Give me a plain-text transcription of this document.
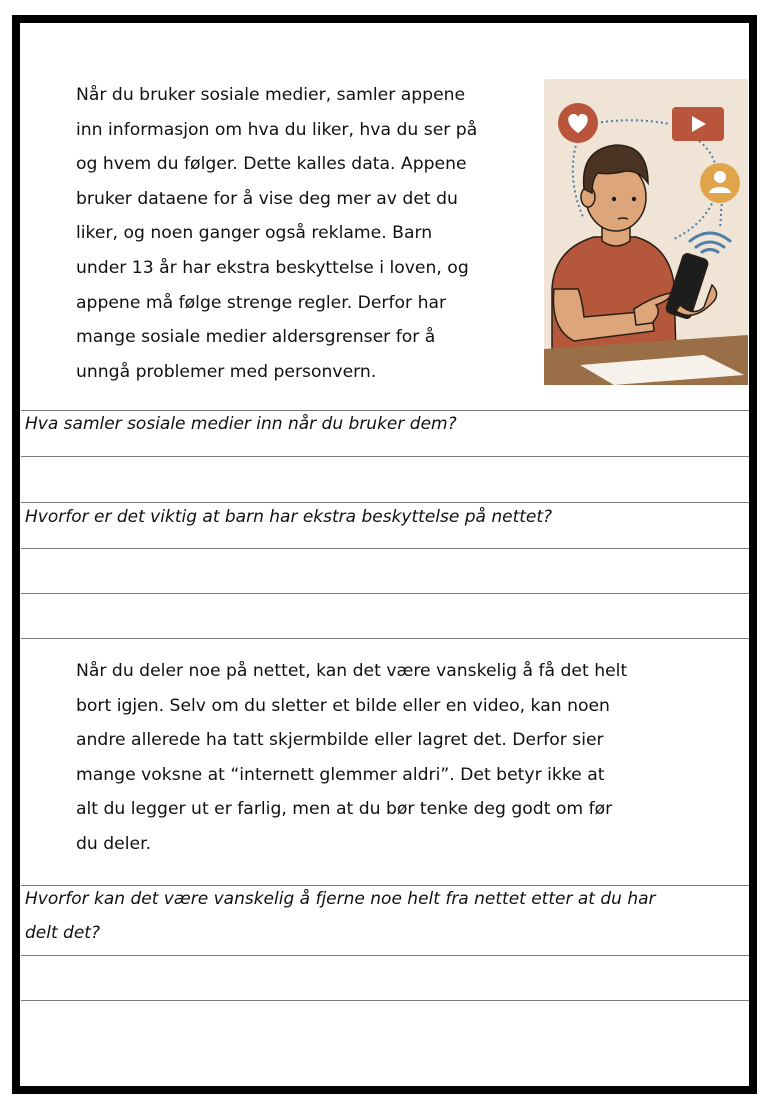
Når du bruker sosiale medier, samler appene
inn informasjon om hva du liker, hva du ser på
og hvem du følger. Dette kalles data. Appene
bruker dataene for å vise deg mer av det du
liker, og noen ganger også reklame. Barn
under 13 år har ekstra beskyttelse i loven, og
appene må følge strenge regler. Derfor har
mange sosiale medier aldersgrenser for å
unngå problemer med personvern.
Hva samler sosiale medier inn når du bruker dem?
Hvorfor er det viktig at barn har ekstra beskyttelse på nettet?
Når du deler noe på nettet, kan det være vanskelig å få det helt
bort igjen. Selv om du sletter et bilde eller en video, kan noen
andre allerede ha tatt skjermbilde eller lagret det. Derfor sier
mange voksne at “internett glemmer aldri”. Det betyr ikke at
alt du legger ut er farlig, men at du bør tenke deg godt om før
du deler.
Hvorfor kan det være vanskelig å fjerne noe helt fra nettet etter at du har
delt det?
